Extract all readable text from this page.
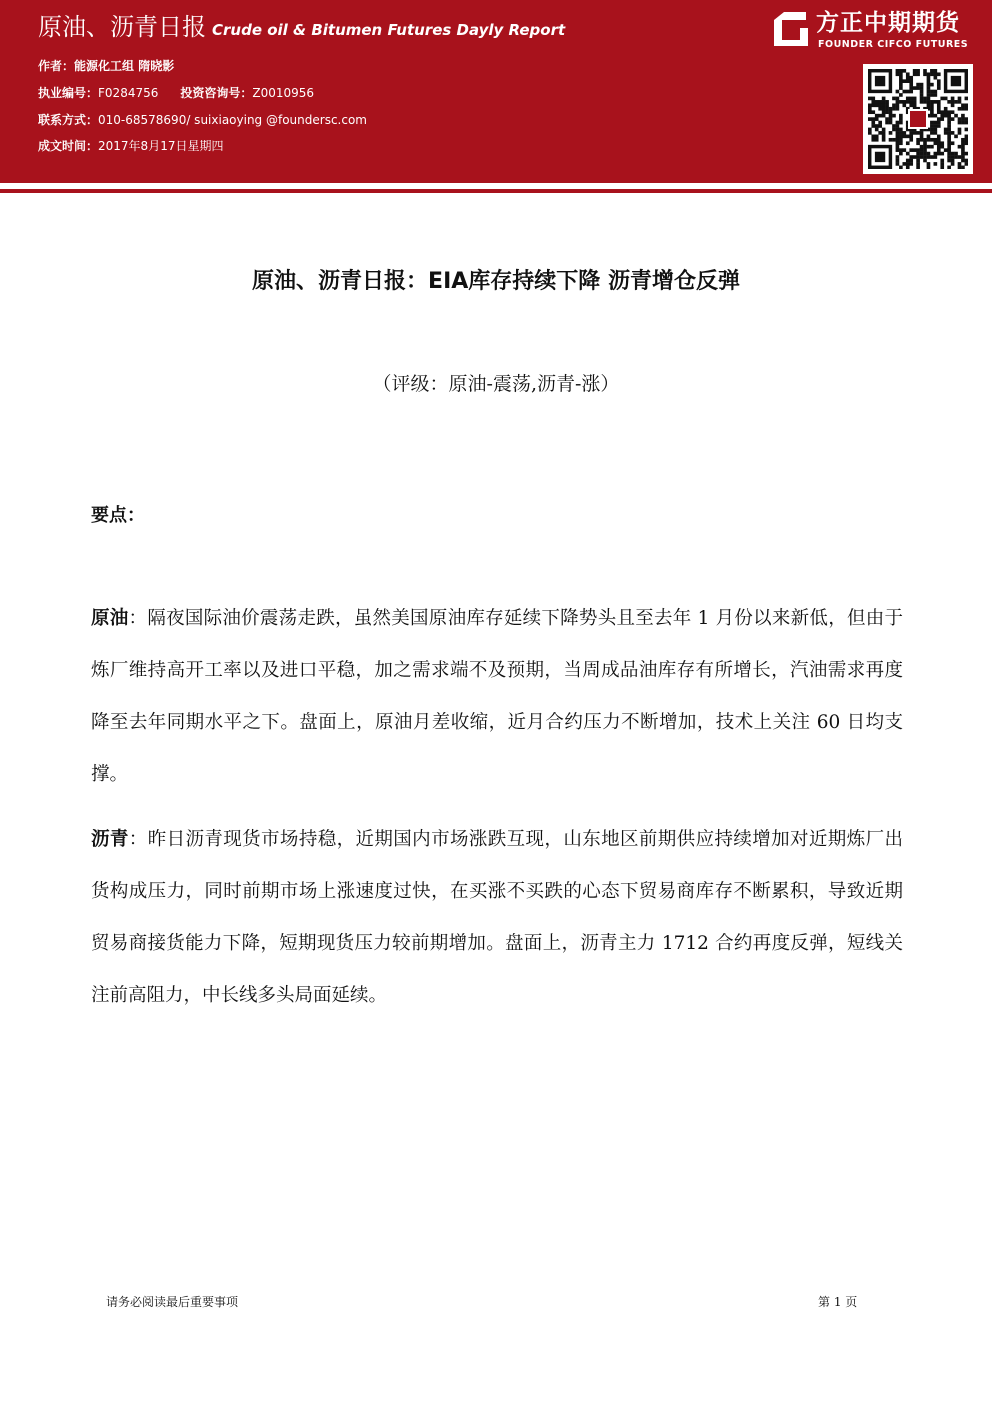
原油、沥青日报 Crude oil & Bitumen Futures Dayly Report
作者：能源化工组 隋晓影
执业编号：F0284756 投资咨询号：Z0010956
联系方式：010-68578690/ suixiaoying @foundersc.com
成文时间：2017年8月17日星期四
方正中期期货
FOUNDER CIFCO FUTURES
原油、沥青日报：EIA库存持续下降 沥青增仓反弹
（评级：原油-震荡,沥青-涨）
要点：

原油：隔夜国际油价震荡走跌，虽然美国原油库存延续下降势头且至去年 1 月份以来新低，但由于炼厂维持高开工率以及进口平稳，加之需求端不及预期，当周成品油库存有所增长，汽油需求再度降至去年同期水平之下。盘面上，原油月差收缩，近月合约压力不断增加，技术上关注 60 日均支撑。

沥青：昨日沥青现货市场持稳，近期国内市场涨跌互现，山东地区前期供应持续增加对近期炼厂出货构成压力，同时前期市场上涨速度过快，在买涨不买跌的心态下贸易商库存不断累积，导致近期贸易商接货能力下降，短期现货压力较前期增加。盘面上，沥青主力 1712 合约再度反弹，短线关注前高阻力，中长线多头局面延续。

请务必阅读最后重要事项	第 1 页
